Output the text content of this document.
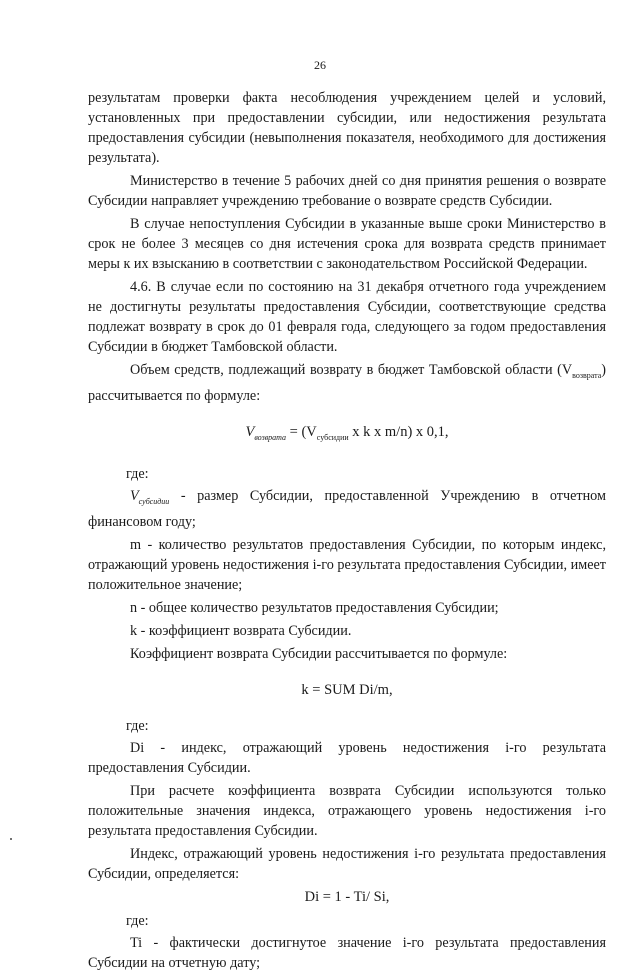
26

результатам проверки факта несоблюдения учреждением целей и условий, установленных при предоставлении субсидии, или недостижения результата предоставления субсидии (невыполнения показателя, необходимого для достижения результата).

Министерство в течение 5 рабочих дней со дня принятия решения о возврате Субсидии направляет учреждению требование о возврате средств Субсидии.

В случае непоступления Субсидии в указанные выше сроки Министерство в срок не более 3 месяцев со дня истечения срока для возврата средств принимает меры к их взысканию в соответствии с законодательством Российской Федерации.

4.6. В случае если по состоянию на 31 декабря отчетного года учреждением не достигнуты результаты предоставления Субсидии, соответствующие средства подлежат возврату в срок до 01 февраля года, следующего за годом предоставления Субсидии в бюджет Тамбовской области.

Объем средств, подлежащий возврату в бюджет Тамбовской области $(V_{возврата})$ рассчитывается по формуле:

$V_{возврата} = (V_{субсидии}$ x k x m/n) x 0,1,

где:

$V_{субсидии}$ - размер Субсидии, предоставленной Учреждению в отчетном финансовом году;

m - количество результатов предоставления Субсидии, по которым индекс, отражающий уровень недостижения i-го результата предоставления Субсидии, имеет положительное значение;

n - общее количество результатов предоставления Субсидии;

k - коэффициент возврата Субсидии.

Коэффициент возврата Субсидии рассчитывается по формуле:

k = SUM Di/m,

где:

Di - индекс, отражающий уровень недостижения i-го результата предоставления Субсидии.

При расчете коэффициента возврата Субсидии используются только положительные значения индекса, отражающего уровень недостижения i-го результата предоставления Субсидии.

Индекс, отражающий уровень недостижения i-го результата предоставления Субсидии, определяется:

Di = 1 - Ti/ Si,

где:

Ti - фактически достигнутое значение i-го результата предоставления Субсидии на отчетную дату;
